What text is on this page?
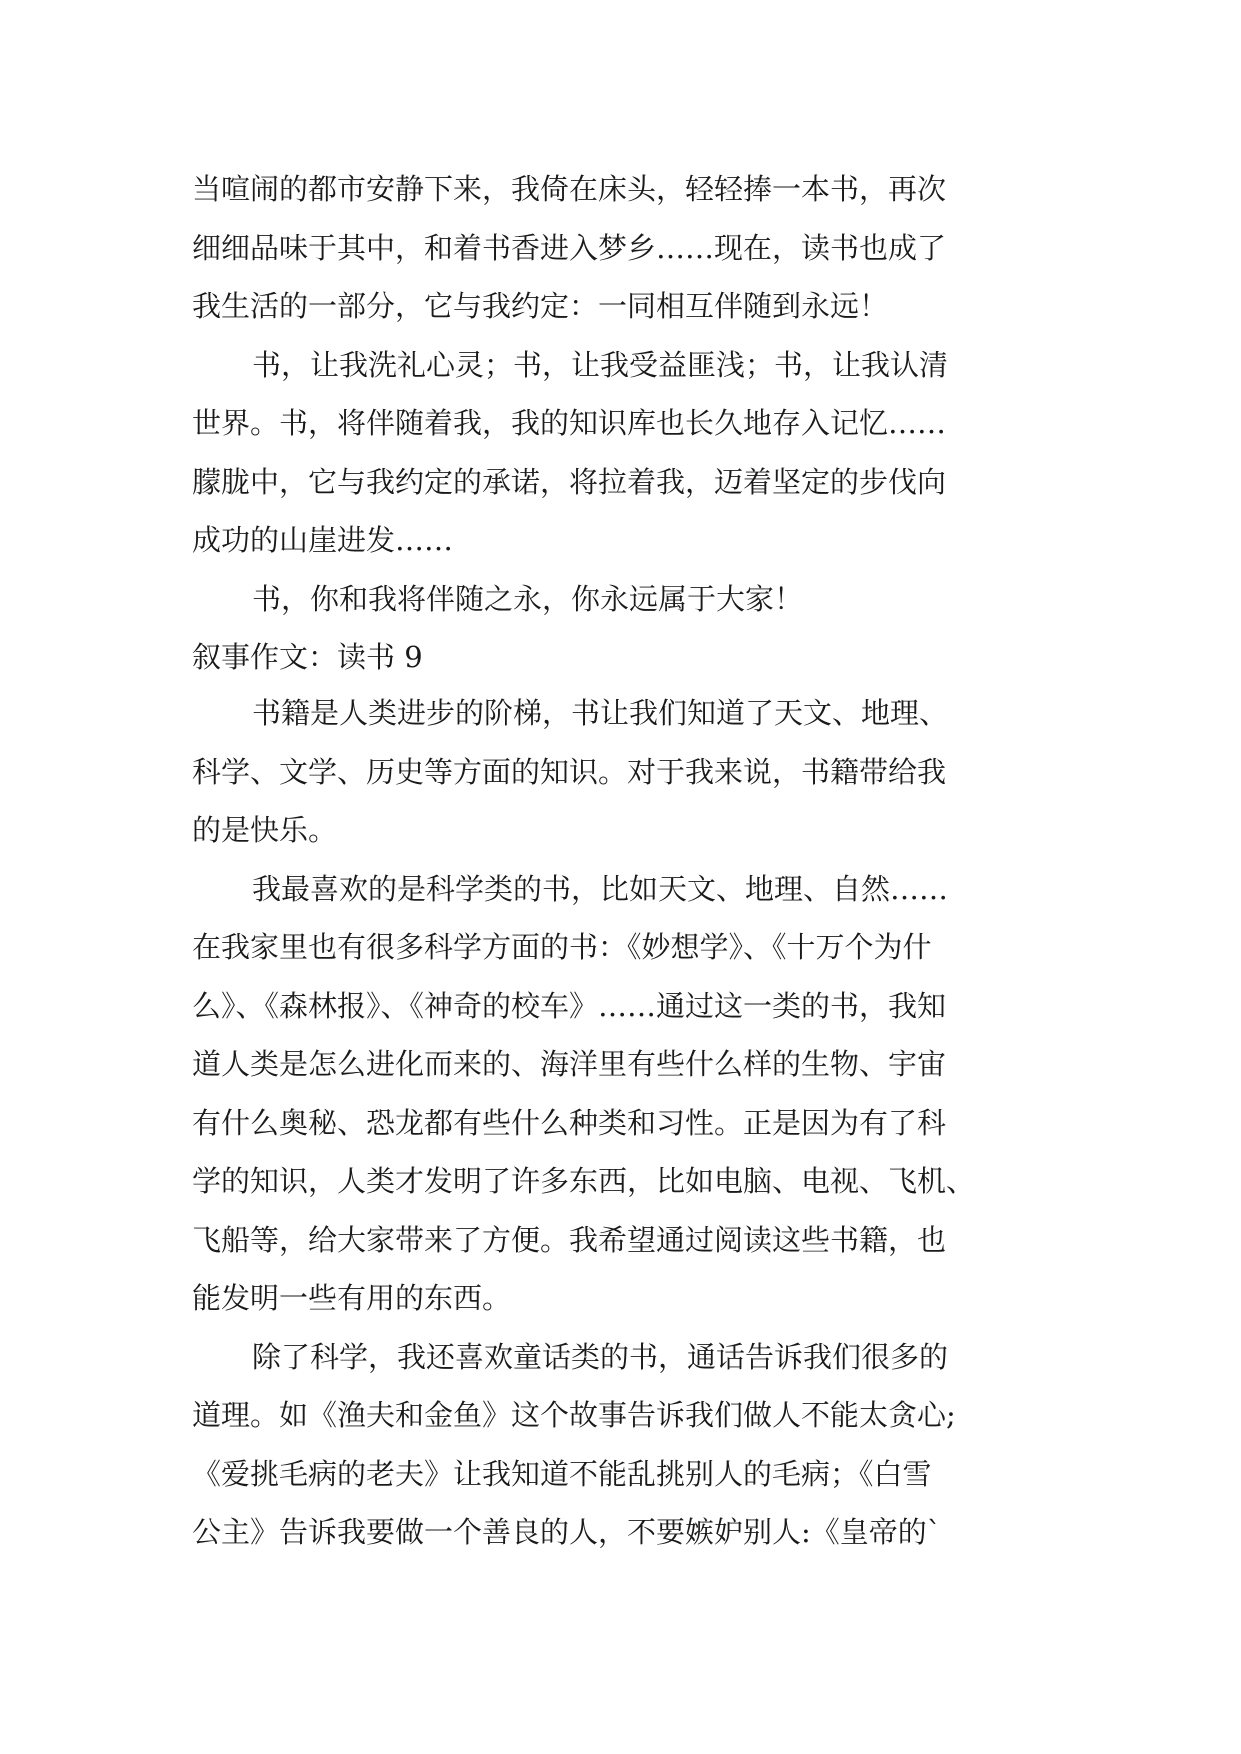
当喧闹的都市安静下来，我倚在床头，轻轻捧一本书，再次
细细品味于其中，和着书香进入梦乡……现在，读书也成了
我生活的一部分，它与我约定：一同相互伴随到永远！
书，让我洗礼心灵；书，让我受益匪浅；书，让我认清
世界。书，将伴随着我，我的知识库也长久地存入记忆……
朦胧中，它与我约定的承诺，将拉着我，迈着坚定的步伐向
成功的山崖进发……
书，你和我将伴随之永，你永远属于大家！
叙事作文：读书 9
书籍是人类进步的阶梯，书让我们知道了天文、地理、
科学、文学、历史等方面的知识。对于我来说，书籍带给我
的是快乐。
我最喜欢的是科学类的书，比如天文、地理、自然……
在我家里也有很多科学方面的书：《妙想学》、《十万个为什
么》、《森林报》、《神奇的校车》……通过这一类的书，我知
道人类是怎么进化而来的、海洋里有些什么样的生物、宇宙
有什么奥秘、恐龙都有些什么种类和习性。正是因为有了科
学的知识，人类才发明了许多东西，比如电脑、电视、飞机、
飞船等，给大家带来了方便。我希望通过阅读这些书籍，也
能发明一些有用的东西。
除了科学，我还喜欢童话类的书，通话告诉我们很多的
道理。如《渔夫和金鱼》这个故事告诉我们做人不能太贪心;
《爱挑毛病的老夫》让我知道不能乱挑别人的毛病；《白雪
公主》告诉我要做一个善良的人，不要嫉妒别人:《皇帝的`
